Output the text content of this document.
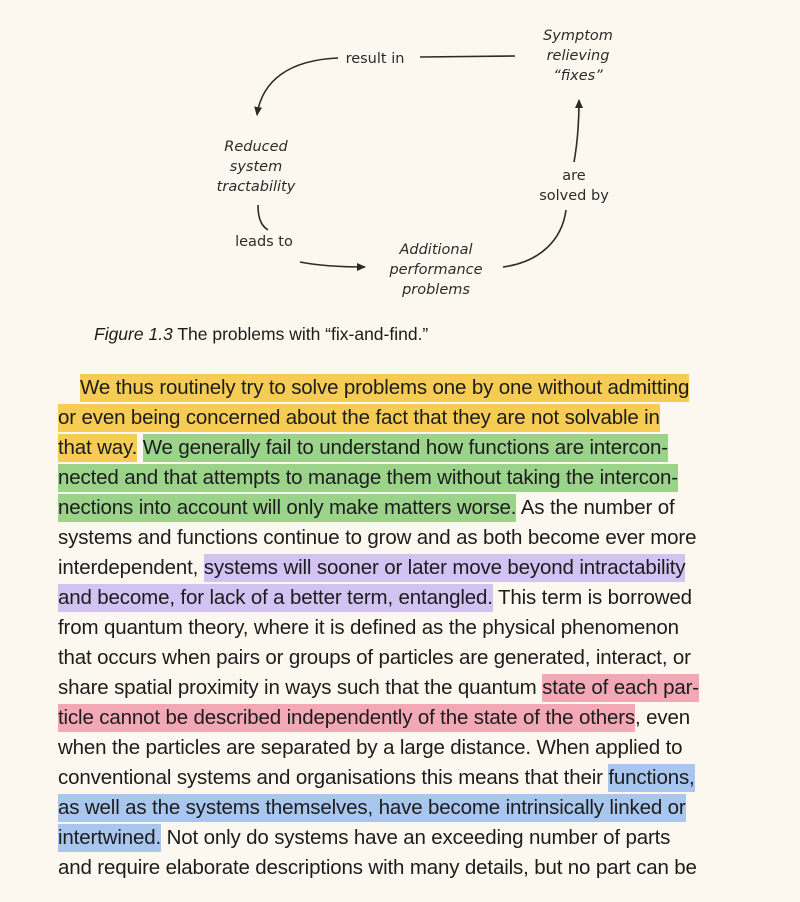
Symptom
relieving
“fixes”
Reduced
system
tractability
Additional
performance
problems
result in
leads to
are
solved by
Figure 1.3 The problems with “fix-and-find.”
We thus routinely try to solve problems one by one without admitting
or even being concerned about the fact that they are not solvable in
that way. We generally fail to understand how functions are intercon-
nected and that attempts to manage them without taking the intercon-
nections into account will only make matters worse. As the number of
systems and functions continue to grow and as both become ever more
interdependent, systems will sooner or later move beyond intractability
and become, for lack of a better term, entangled. This term is borrowed
from quantum theory, where it is defined as the physical phenomenon
that occurs when pairs or groups of particles are generated, interact, or
share spatial proximity in ways such that the quantum state of each par-
ticle cannot be described independently of the state of the others, even
when the particles are separated by a large distance. When applied to
conventional systems and organisations this means that their functions,
as well as the systems themselves, have become intrinsically linked or
intertwined. Not only do systems have an exceeding number of parts
and require elaborate descriptions with many details, but no part can be
